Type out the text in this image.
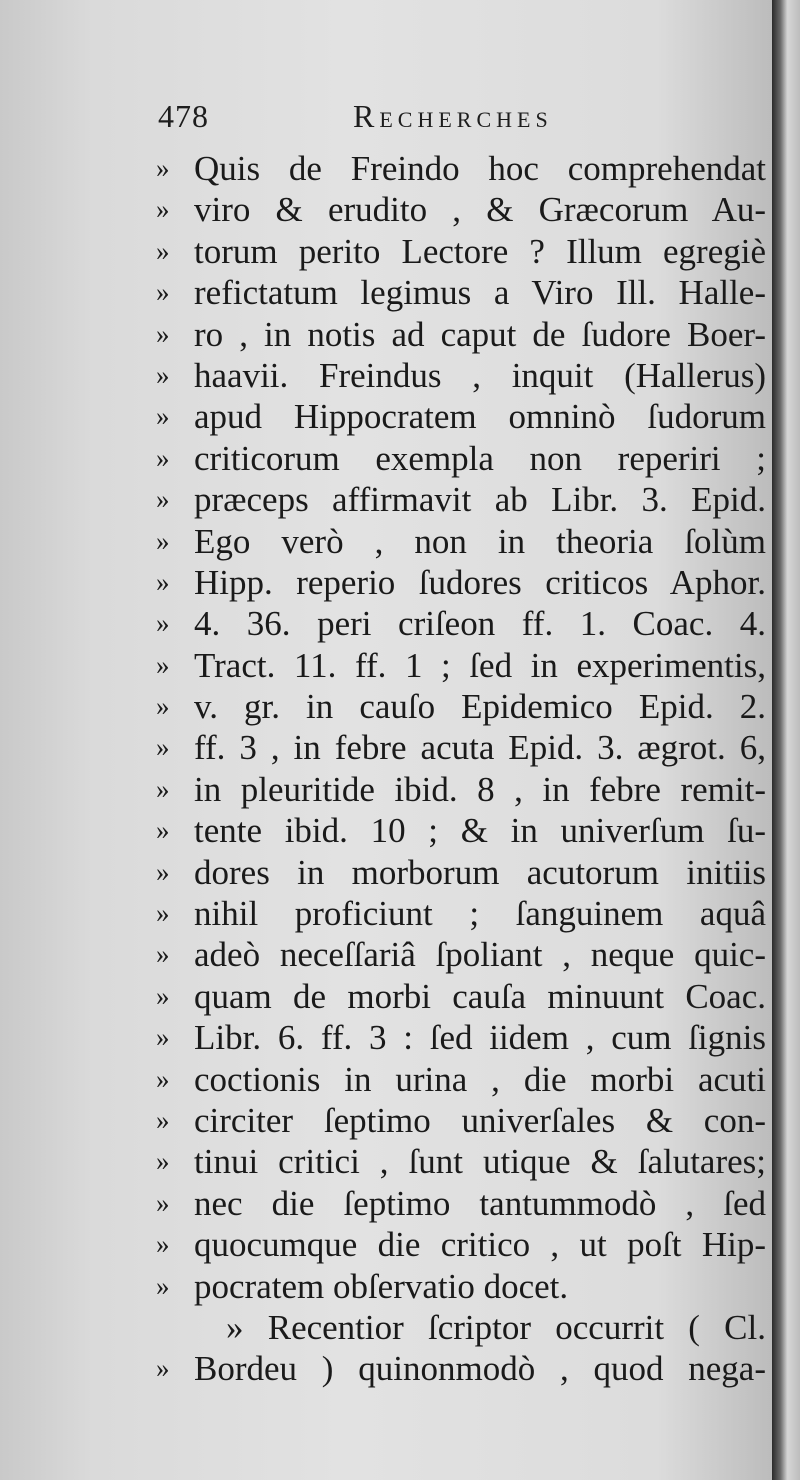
478	Recherches
» Quis de Freindo hoc comprehendat
» viro & erudito , & Græcorum Au-
» torum perito Lectore ? Illum egregiè
» refictatum legimus a Viro Ill. Halle-
» ro , in notis ad caput de ſudore Boer-
» haavii. Freindus , inquit (Hallerus)
» apud Hippocratem omninò ſudorum
» criticorum exempla non reperiri ;
» præceps affirmavit ab Libr. 3. Epid.
» Ego verò , non in theoria ſolùm
» Hipp. reperio ſudores criticos Aphor.
» 4. 36. peri criſeon ff. 1. Coac. 4.
» Tract. 11. ff. 1 ; ſed in experimentis,
» v. gr. in cauſo Epidemico Epid. 2.
» ff. 3 , in febre acuta Epid. 3. ægrot. 6,
» in pleuritide ibid. 8 , in febre remit-
» tente ibid. 10 ; & in univerſum ſu-
» dores in morborum acutorum initiis
» nihil proficiunt ; ſanguinem aquâ
» adeò neceſſariâ ſpoliant , neque quic-
» quam de morbi cauſa minuunt Coac.
» Libr. 6. ff. 3 : ſed iidem , cum ſignis
» coctionis in urina , die morbi acuti
» circiter ſeptimo univerſales & con-
» tinui critici , ſunt utique & ſalutares;
» nec die ſeptimo tantummodò , ſed
» quocumque die critico , ut poſt Hip-
» pocratem obſervatio docet.
» Recentior ſcriptor occurrit ( Cl.
» Bordeu ) quinonmodò , quod nega-
